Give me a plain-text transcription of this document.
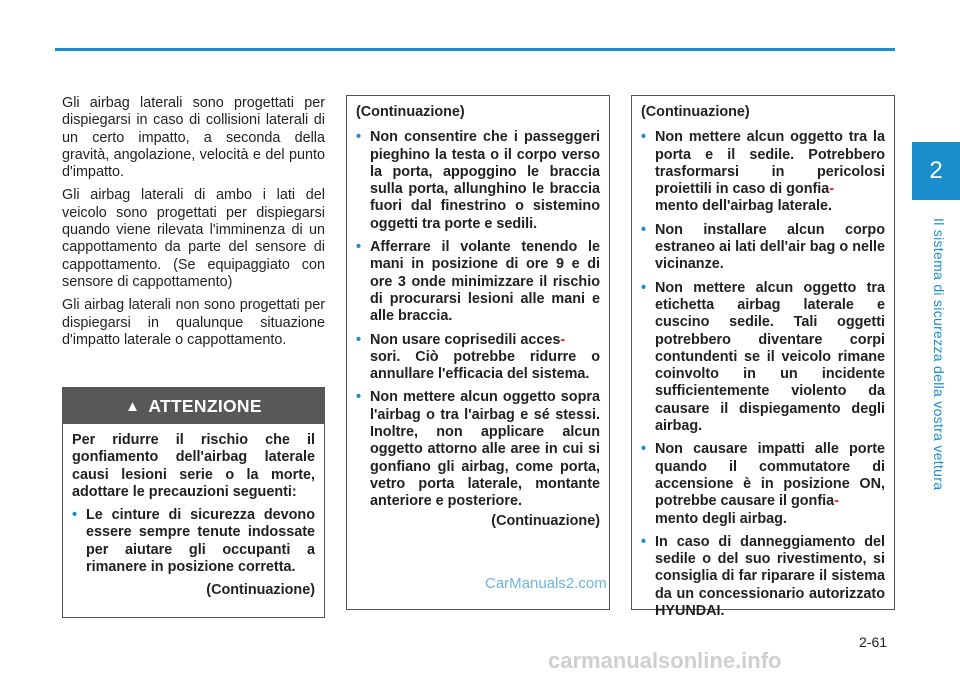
2
Il sistema di sicurezza della vostra vettura

Gli airbag laterali sono progettati per dispiegarsi in caso di collisioni laterali di un certo impatto, a seconda della gravità, angolazione, velocità e del punto d'impatto.

Gli airbag laterali di ambo i lati del veicolo sono progettati per dispiegarsi quando viene rilevata l'imminenza di un cappottamento da parte del sensore di cappottamento. (Se equipaggiato con sensore di cappottamento)

Gli airbag laterali non sono progettati per dispiegarsi in qualunque situazione d'impatto laterale o cappottamento.

▲ ATTENZIONE

Per ridurre il rischio che il gonfiamento dell'airbag laterale causi lesioni serie o la morte, adottare le precauzioni seguenti:

• Le cinture di sicurezza devono essere sempre tenute indossate per aiutare gli occupanti a rimanere in posizione corretta.
(Continuazione)
(Continuazione)
• Non consentire che i passeggeri pieghino la testa o il corpo verso la porta, appoggino le braccia sulla porta, allunghino le braccia fuori dal finestrino o sistemino oggetti tra porte e sedili.
• Afferrare il volante tenendo le mani in posizione di ore 9 e di ore 3 onde minimizzare il rischio di procurarsi lesioni alle mani e alle braccia.
• Non usare coprisedili acces-
sori. Ciò potrebbe ridurre o annullare l'efficacia del sistema.
• Non mettere alcun oggetto sopra l'airbag o tra l'airbag e sé stessi. Inoltre, non applicare alcun oggetto attorno alle aree in cui si gonfiano gli airbag, come porta, vetro porta laterale, montante anteriore e posteriore.
(Continuazione)
(Continuazione)
• Non mettere alcun oggetto tra la porta e il sedile. Potrebbero trasformarsi in pericolosi proiettili in caso di gonfia-
mento dell'airbag laterale.
• Non installare alcun corpo estraneo ai lati dell'air bag o nelle vicinanze.
• Non mettere alcun oggetto tra etichetta airbag laterale e cuscino sedile. Tali oggetti potrebbero diventare corpi contundenti se il veicolo rimane coinvolto in un incidente sufficientemente violento da causare il dispiegamento degli airbag.
• Non causare impatti alle porte quando il commutatore di accensione è in posizione ON, potrebbe causare il gonfia-
mento degli airbag.
• In caso di danneggiamento del sedile o del suo rivestimento, si consiglia di far riparare il sistema da un concessionario autorizzato HYUNDAI.
CarManuals2.com
2-61
carmanualsonline.info
